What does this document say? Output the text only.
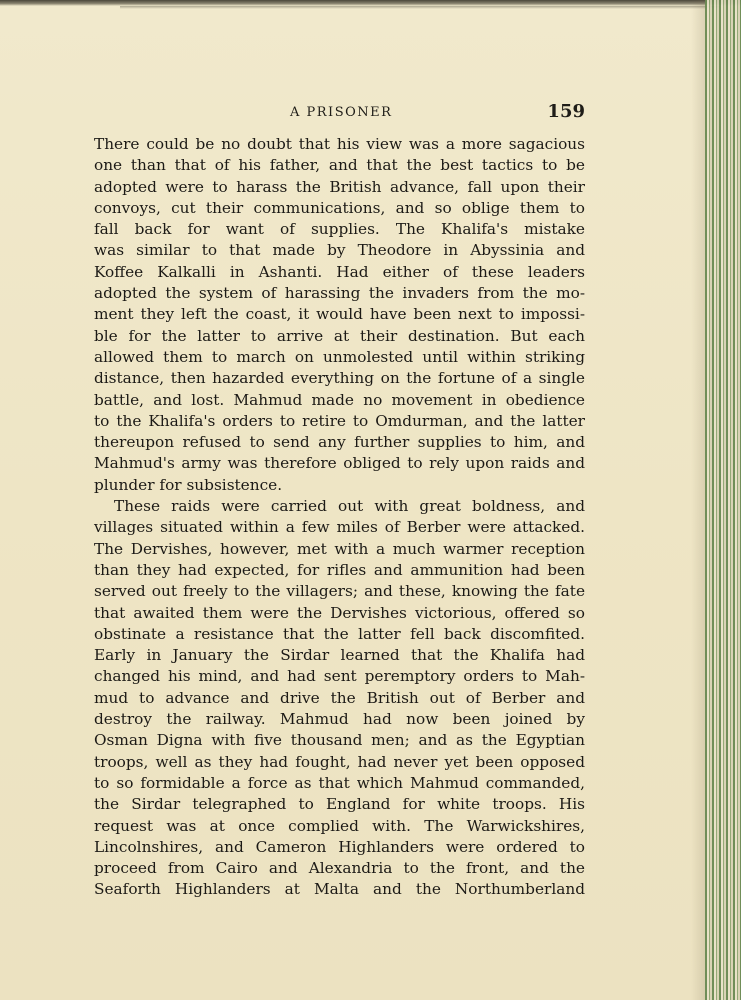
A PRISONER	159
There could be no doubt that his view was a more sagacious
one than that of his father, and that the best tactics to be
adopted were to harass the British advance, fall upon their
convoys, cut their communications, and so oblige them to
fall back for want of supplies. The Khalifa's mistake
was similar to that made by Theodore in Abyssinia and
Koffee Kalkalli in Ashanti. Had either of these leaders
adopted the system of harassing the invaders from the mo-
ment they left the coast, it would have been next to impossi-
ble for the latter to arrive at their destination. But each
allowed them to march on unmolested until within striking
distance, then hazarded everything on the fortune of a single
battle, and lost. Mahmud made no movement in obedience
to the Khalifa's orders to retire to Omdurman, and the latter
thereupon refused to send any further supplies to him, and
Mahmud's army was therefore obliged to rely upon raids and
plunder for subsistence.
These raids were carried out with great boldness, and
villages situated within a few miles of Berber were attacked.
The Dervishes, however, met with a much warmer reception
than they had expected, for rifles and ammunition had been
served out freely to the villagers; and these, knowing the fate
that awaited them were the Dervishes victorious, offered so
obstinate a resistance that the latter fell back discomfited.
Early in January the Sirdar learned that the Khalifa had
changed his mind, and had sent peremptory orders to Mah-
mud to advance and drive the British out of Berber and
destroy the railway. Mahmud had now been joined by
Osman Digna with five thousand men; and as the Egyptian
troops, well as they had fought, had never yet been opposed
to so formidable a force as that which Mahmud commanded,
the Sirdar telegraphed to England for white troops. His
request was at once complied with. The Warwickshires,
Lincolnshires, and Cameron Highlanders were ordered to
proceed from Cairo and Alexandria to the front, and the
Seaforth Highlanders at Malta and the Northumberland
